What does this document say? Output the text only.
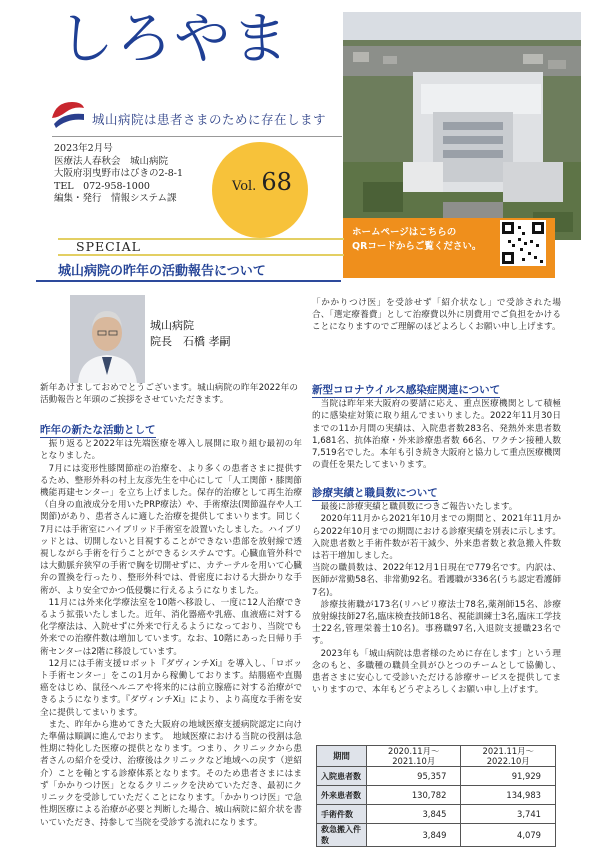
しろやま
城山病院は患者さまのために存在します
2023年2月号
医療法人春秋会　城山病院
大阪府羽曳野市はびきの2-8-1
TEL　072-958-1000
編集・発行　情報システム課
Vol. 68
ホームページはこちらの
QRコードからご覧ください。
SPECIAL
城山病院の昨年の活動報告について
城山病院
院長　石橋 孝嗣
新年あけましておめでとうございます。城山病院の昨年2022年の活動報告と年頭のご挨拶をさせていただきます。
昨年の新たな活動として
振り返ると2022年は先端医療を導入し展開に取り組む最初の年となりました。
7月には変形性膝関節症の治療を、より多くの患者さまに提供するため、整形外科の村上友彦先生を中心にして「人工関節・膝関節機能再建センター」を立ち上げました。保存的治療として再生治療（自身の血液成分を用いたPRP療法）や、手術療法(関節温存や人工関節)があり、患者さんに適した治療を提供してまいります。同じく7月には手術室にハイブリッド手術室を設置いたしました。ハイブリッドとは、切開しないと目視することができない患部を放射線で透視しながら手術を行うことができるシステムです。心臓血管外科では大動脈弁狭窄の手術で胸を切開せずに、カテーテルを用いて心臓弁の置換を行ったり、整形外科では、骨密度における大掛かりな手術が、より安全でかつ低侵襲に行えるようになりました。
11月には外来化学療法室を10階へ移設し、一度に12人治療できるよう拡張いたしました。近年、消化器癌や乳癌、血液癌に対する化学療法は、入院せずに外来で行えるようになっており、当院でも外来での治療件数は増加しています。なお、10階にあった日帰り手術センターは2階に移設しています。
12月には手術支援ロボット『ダヴィンチXi』を導入し、「ロボット手術センター」をこの1月から稼働しております。結腸癌や直腸癌をはじめ、鼠径ヘルニアや将来的には前立腺癌に対する治療ができるようになります。『ダヴィンチXi』により、より高度な手術を安全に提供してまいります。
また、昨年から進めてきた大阪府の地域医療支援病院認定に向けた準備は順調に進んでおります。　地域医療における当院の役割は急性期に特化した医療の提供となります。つまり、クリニックから患者さんの紹介を受け、治療後はクリニックなど地域への戻す（逆紹介）ことを軸とする診療体系となります。そのため患者さまにはまず「かかりつけ医」となるクリニックを決めていただき、最初にクリニックを受診していただくことになります。「かかりつけ医」で急性期医療による治療が必要と判断した場合、城山病院に紹介状を書いていただき、持参して当院を受診する流れになります。
「かかりつけ医」を受診せず「紹介状なし」で受診された場合、「選定療養費」として治療費以外に別費用でご負担をかけることになりますのでご理解のほどよろしくお願い申し上げます。
新型コロナウイルス感染症関連について
当院は昨年来大阪府の要請に応え、重点医療機関として積極的に感染症対策に取り組んでまいりました。2022年11月30日までの11か月間の実績は、入院患者数283名、発熱外来患者数1,681名、抗体治療・外来診療患者数 66名、ワクチン接種人数7,519名でした。本年も引き続き大阪府と協力して重点医療機関の責任を果たしてまいります。
診療実績と職員数について
最後に診療実績と職員数につきご報告いたします。
2020年11月から2021年10月までの期間と、2021年11月から2022年10月までの期間における診療実績を別表に示します。入院患者数と手術件数が若干減少、外来患者数と救急搬入件数は若干増加しました。
当院の職員数は、2022年12月1日現在で779名です。内訳は、医師が常勤58名、非常勤92名。看護職が336名(うち認定看護師7名)。
診療技術職が173名(リハビリ療法士78名,薬剤師15名、診療放射線技師27名,臨床検査技師18名、視能訓練士3名,臨床工学技士22名,管理栄養士10名)。事務職97名,入退院支援職23名です。
2023年も「城山病院は患者様のために存在します」という理念のもと、多職種の職員全員がひとつのチームとして協働し、患者さまに安心して受診いただける診療サービスを提供してまいりますので、本年もどうぞよろしくお願い申し上げます。
期間	2020.11月～2021.10月	2021.11月～2022.10月
入院患者数	95,357	91,929
外来患者数	130,782	134,983
手術件数	3,845	3,741
救急搬入件数	3,849	4,079
